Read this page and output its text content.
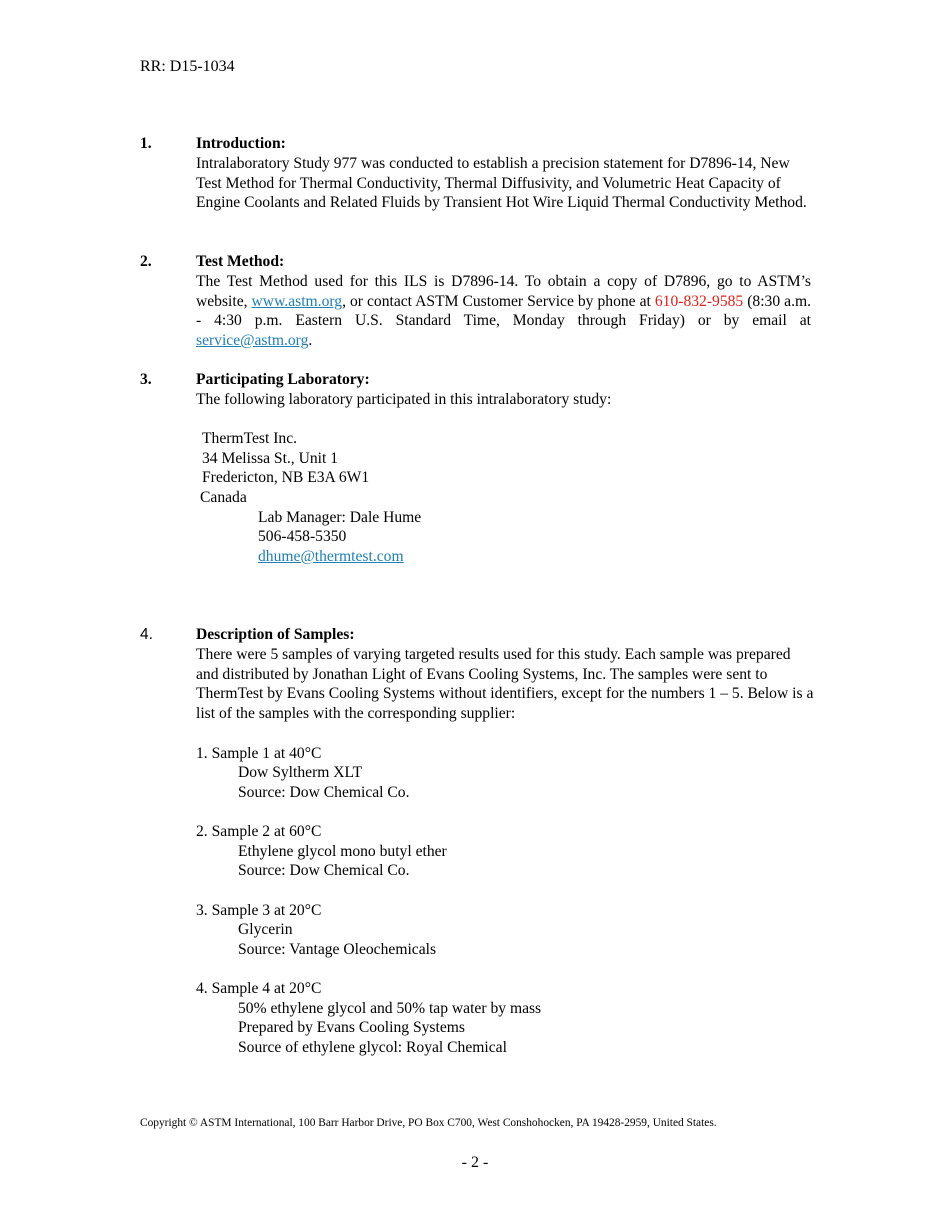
RR: D15-1034
1.	Introduction:
Intralaboratory Study 977 was conducted to establish a precision statement for D7896-14, New Test Method for Thermal Conductivity, Thermal Diffusivity, and Volumetric Heat Capacity of Engine Coolants and Related Fluids by Transient Hot Wire Liquid Thermal Conductivity Method.
2.	Test Method:
The Test Method used for this ILS is D7896-14. To obtain a copy of D7896, go to ASTM’s website, www.astm.org, or contact ASTM Customer Service by phone at 610-832-9585 (8:30 a.m. - 4:30 p.m. Eastern U.S. Standard Time, Monday through Friday) or by email at service@astm.org.
3.	Participating Laboratory:
The following laboratory participated in this intralaboratory study:
ThermTest Inc.
34 Melissa St., Unit 1
Fredericton, NB E3A 6W1
Canada
Lab Manager: Dale Hume
506-458-5350
dhume@thermtest.com
4.	Description of Samples:
There were 5 samples of varying targeted results used for this study. Each sample was prepared and distributed by Jonathan Light of Evans Cooling Systems, Inc. The samples were sent to ThermTest by Evans Cooling Systems without identifiers, except for the numbers 1 – 5. Below is a list of the samples with the corresponding supplier:
1. Sample 1 at 40°C
Dow Syltherm XLT
Source: Dow Chemical Co.
2. Sample 2 at 60°C
Ethylene glycol mono butyl ether
Source: Dow Chemical Co.
3. Sample 3 at 20°C
Glycerin
Source: Vantage Oleochemicals
4. Sample 4 at 20°C
50% ethylene glycol and 50% tap water by mass
Prepared by Evans Cooling Systems
Source of ethylene glycol: Royal Chemical
Copyright © ASTM International, 100 Barr Harbor Drive, PO Box C700, West Conshohocken, PA 19428-2959, United States.
- 2 -
